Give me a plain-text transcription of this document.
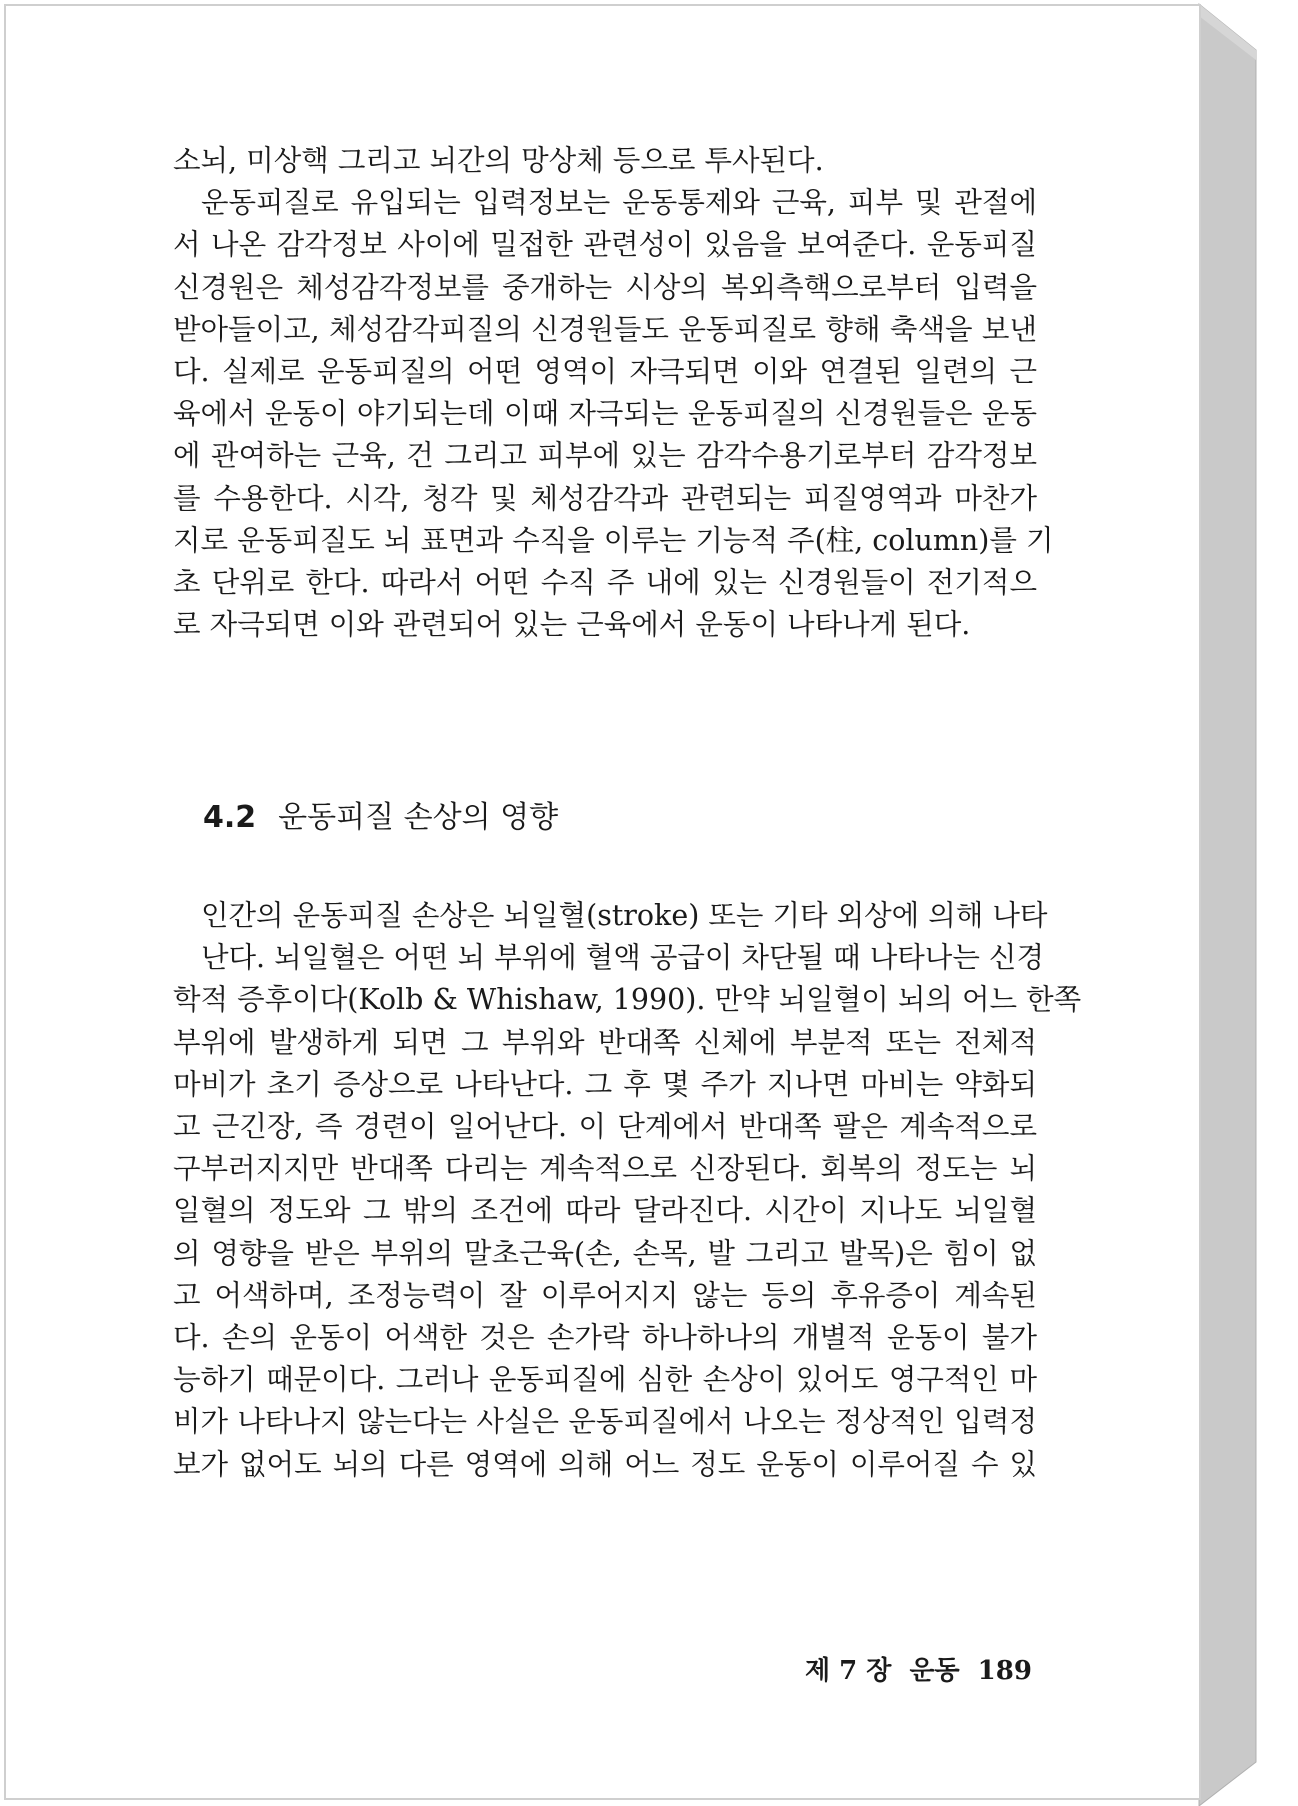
소뇌, 미상핵 그리고 뇌간의 망상체 등으로 투사된다.
운동피질로 유입되는 입력정보는 운동통제와 근육, 피부 및 관절에
서 나온 감각정보 사이에 밀접한 관련성이 있음을 보여준다. 운동피질
신경원은 체성감각정보를 중개하는 시상의 복외측핵으로부터 입력을
받아들이고, 체성감각피질의 신경원들도 운동피질로 향해 축색을 보낸
다. 실제로 운동피질의 어떤 영역이 자극되면 이와 연결된 일련의 근
육에서 운동이 야기되는데 이때 자극되는 운동피질의 신경원들은 운동
에 관여하는 근육, 건 그리고 피부에 있는 감각수용기로부터 감각정보
를 수용한다. 시각, 청각 및 체성감각과 관련되는 피질영역과 마찬가
지로 운동피질도 뇌 표면과 수직을 이루는 기능적 주(柱, column)를 기
초 단위로 한다. 따라서 어떤 수직 주 내에 있는 신경원들이 전기적으
로 자극되면 이와 관련되어 있는 근육에서 운동이 나타나게 된다.
4.2 운동피질 손상의 영향
인간의 운동피질 손상은 뇌일혈(stroke) 또는 기타 외상에 의해 나타
난다. 뇌일혈은 어떤 뇌 부위에 혈액 공급이 차단될 때 나타나는 신경
학적 증후이다(Kolb & Whishaw, 1990). 만약 뇌일혈이 뇌의 어느 한쪽
부위에 발생하게 되면 그 부위와 반대쪽 신체에 부분적 또는 전체적
마비가 초기 증상으로 나타난다. 그 후 몇 주가 지나면 마비는 약화되
고 근긴장, 즉 경련이 일어난다. 이 단계에서 반대쪽 팔은 계속적으로
구부러지지만 반대쪽 다리는 계속적으로 신장된다. 회복의 정도는 뇌
일혈의 정도와 그 밖의 조건에 따라 달라진다. 시간이 지나도 뇌일혈
의 영향을 받은 부위의 말초근육(손, 손목, 발 그리고 발목)은 힘이 없
고 어색하며, 조정능력이 잘 이루어지지 않는 등의 후유증이 계속된
다. 손의 운동이 어색한 것은 손가락 하나하나의 개별적 운동이 불가
능하기 때문이다. 그러나 운동피질에 심한 손상이 있어도 영구적인 마
비가 나타나지 않는다는 사실은 운동피질에서 나오는 정상적인 입력정
보가 없어도 뇌의 다른 영역에 의해 어느 정도 운동이 이루어질 수 있
제 7 장 운동 189
